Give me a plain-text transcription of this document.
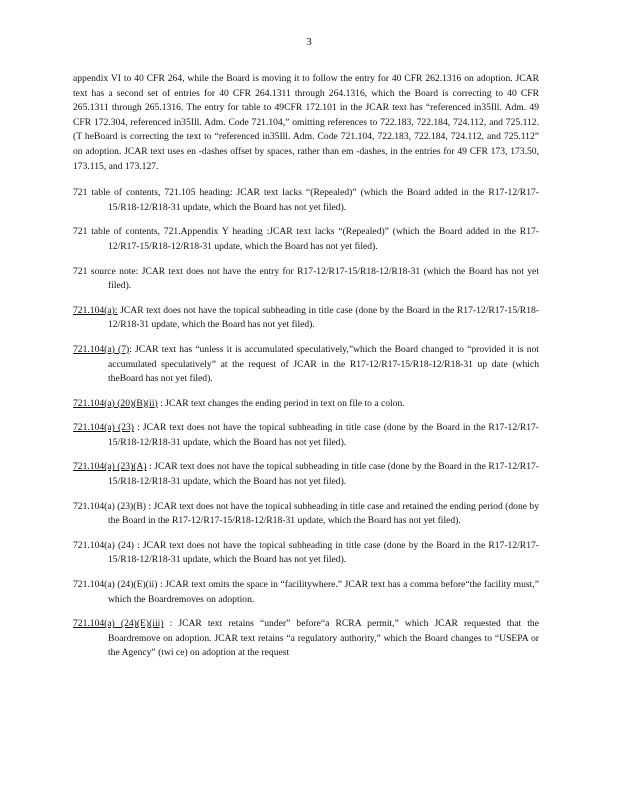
3

appendix VI to 40 CFR 264, while the Board is moving it to follow the entry for 40 CFR 262.1316 on adoption. JCAR text has a second set of entries for 40 CFR 264.1311 through 264.1316, which the Board is correcting to 40 CFR 265.1311 through 265.1316. The entry for table to 49CFR 172.101 in the JCAR text has “referenced in35Ill. Adm. 49 CFR 172.304, referenced in35Ill. Adm. Code 721.104,” omitting references to 722.183, 722.184, 724.112, and 725.112. (T heBoard is correcting the text to “referenced in35Ill. Adm. Code 721.104, 722.183, 722.184, 724.112, and 725.112” on adoption. JCAR text uses en -dashes offset by spaces, rather than em -dashes, in the entries for 49 CFR 173, 173.50, 173.115, and 173.127.

721 table of contents, 721.105 heading: JCAR text lacks “(Repealed)” (which the Board added in the R17-12/R17-15/R18-12/R18-31 update, which the Board has not yet filed).

721 table of contents, 721.Appendix Y heading :JCAR text lacks “(Repealed)” (which the Board added in the R17-12/R17-15/R18-12/R18-31 update, which the Board has not yet filed).

721 source note: JCAR text does not have the entry for R17-12/R17-15/R18-12/R18-31 (which the Board has not yet filed).

721.104(a): JCAR text does not have the topical subheading in title case (done by the Board in the R17-12/R17-15/R18-12/R18-31 update, which the Board has not yet filed).

721.104(a) (7): JCAR text has “unless it is accumulated speculatively,”which the Board changed to “provided it is not accumulated speculatively” at the request of JCAR in the R17-12/R17-15/R18-12/R18-31 up date (which theBoard has not yet filed).

721.104(a) (20)(B)(ii) : JCAR text changes the ending period in text on file to a colon.

721.104(a) (23) : JCAR text does not have the topical subheading in title case (done by the Board in the R17-12/R17-15/R18-12/R18-31 update, which the Board has not yet filed).

721.104(a) (23)(A) : JCAR text does not have the topical subheading in title case (done by the Board in the R17-12/R17-15/R18-12/R18-31 update, which the Board has not yet filed).

721.104(a) (23)(B) : JCAR text does not have the topical subheading in title case and retained the ending period (done by the Board in the R17-12/R17-15/R18-12/R18-31 update, which the Board has not yet filed).

721.104(a) (24) : JCAR text does not have the topical subheading in title case (done by the Board in the R17-12/R17-15/R18-12/R18-31 update, which the Board has not yet filed).

721.104(a) (24)(E)(ii) : JCAR text omits the space in “facilitywhere.” JCAR text has a comma before“the facility must,” which the Boardremoves on adoption.

721.104(a) (24)(E)(iii) : JCAR text retains “under” before“a RCRA permit,” which JCAR requested that the Boardremove on adoption. JCAR text retains “a regulatory authority,” which the Board changes to “USEPA or the Agency” (twi ce) on adoption at the request
